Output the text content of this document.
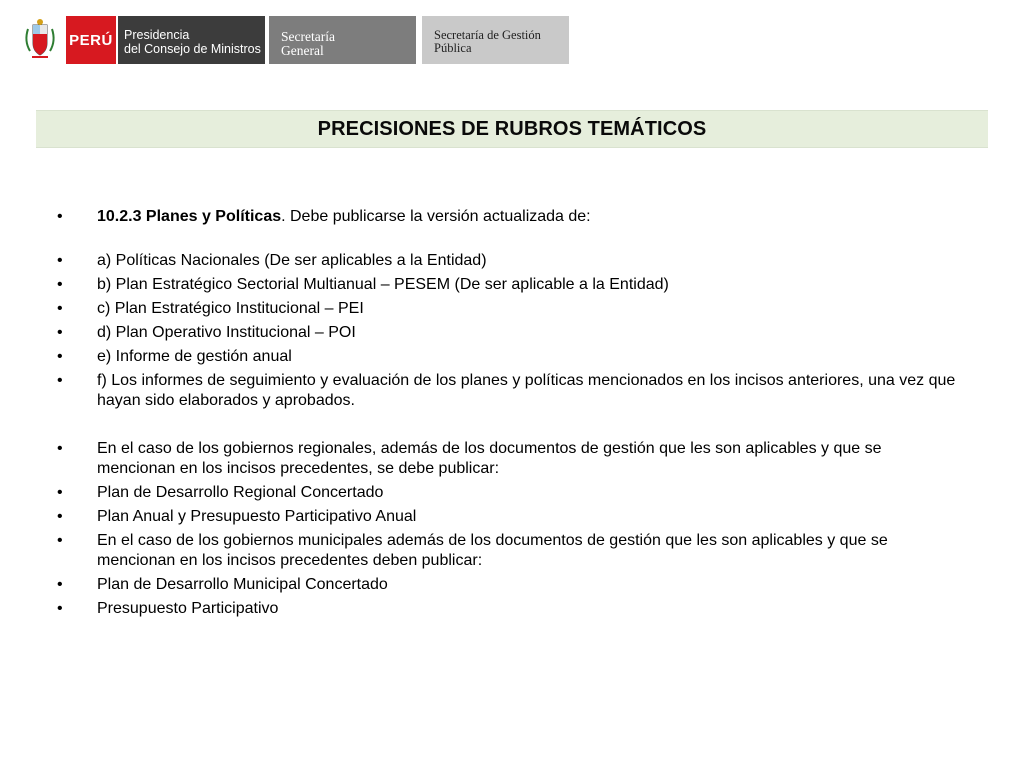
PERÚ Presidencia
del Consejo de Ministros
Secretaría
General
Secretaría de Gestión
Pública
PRECISIONES DE RUBROS TEMÁTICOS
•	10.2.3 Planes y Políticas. Debe publicarse la versión actualizada de:
•	a) Políticas Nacionales (De ser aplicables a la Entidad)
•	b) Plan Estratégico Sectorial Multianual – PESEM (De ser aplicable a la Entidad)
•	c) Plan Estratégico Institucional – PEI
•	d) Plan Operativo Institucional – POI
•	e) Informe de gestión anual
•	f) Los informes de seguimiento y evaluación de los planes y políticas mencionados en los incisos anteriores, una vez que hayan sido elaborados y aprobados.
•	En el caso de los gobiernos regionales, además de los documentos de gestión que les son aplicables y que se mencionan en los incisos precedentes, se debe publicar:
•	Plan de Desarrollo Regional Concertado
•	Plan Anual y Presupuesto Participativo Anual
•	En el caso de los gobiernos municipales además de los documentos de gestión que les son aplicables y que se mencionan en los incisos precedentes deben publicar:
•	Plan de Desarrollo Municipal Concertado
•	Presupuesto Participativo
